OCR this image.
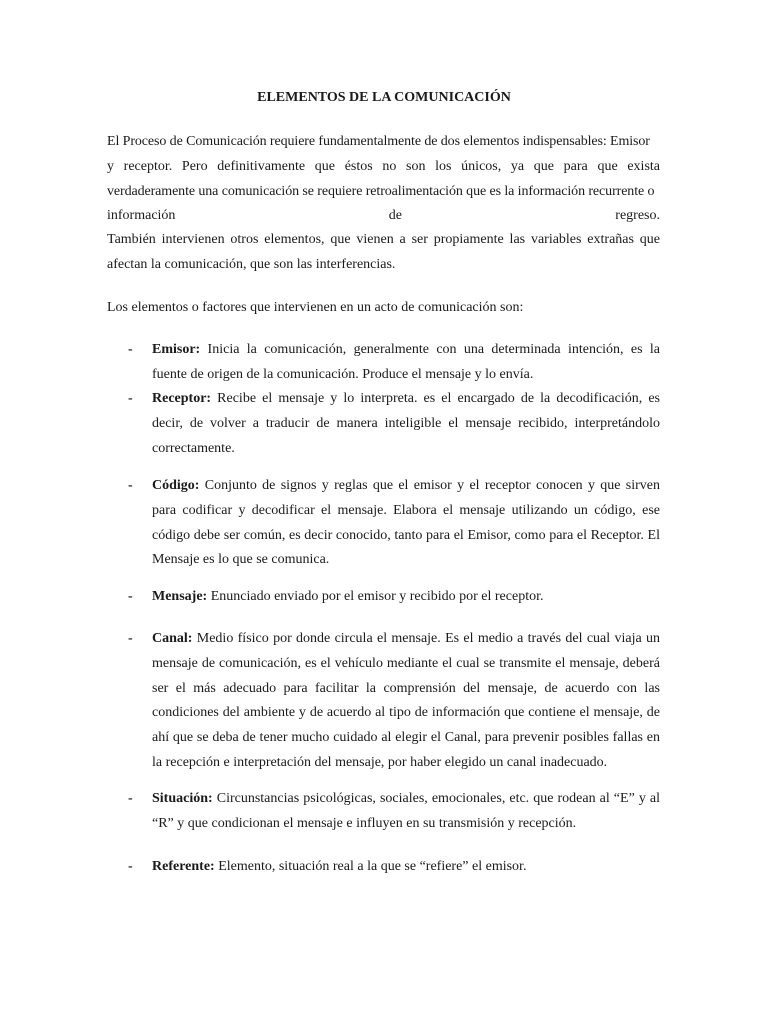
ELEMENTOS DE LA COMUNICACIÓN
El Proceso de Comunicación requiere fundamentalmente de dos elementos indispensables: Emisor
y receptor. Pero definitivamente que éstos no son los únicos, ya que para que exista
verdaderamente una comunicación se requiere retroalimentación que es la información recurrente o
información	de	regreso.
También intervienen otros elementos, que vienen a ser propiamente las variables extrañas que afectan la comunicación, que son las interferencias.
Los elementos o factores que intervienen en un acto de comunicación son:
- Emisor: Inicia la comunicación, generalmente con una determinada intención, es la fuente de origen de la comunicación. Produce el mensaje y lo envía.
- Receptor: Recibe el mensaje y lo interpreta. es el encargado de la decodificación, es decir, de volver a traducir de manera inteligible el mensaje recibido, interpretándolo correctamente.
- Código: Conjunto de signos y reglas que el emisor y el receptor conocen y que sirven para codificar y decodificar el mensaje. Elabora el mensaje utilizando un código, ese código debe ser común, es decir conocido, tanto para el Emisor, como para el Receptor. El Mensaje es lo que se comunica.
- Mensaje: Enunciado enviado por el emisor y recibido por el receptor.
- Canal: Medio físico por donde circula el mensaje. Es el medio a través del cual viaja un mensaje de comunicación, es el vehículo mediante el cual se transmite el mensaje, deberá ser el más adecuado para facilitar la comprensión del mensaje, de acuerdo con las condiciones del ambiente y de acuerdo al tipo de información que contiene el mensaje, de ahí que se deba de tener mucho cuidado al elegir el Canal, para prevenir posibles fallas en la recepción e interpretación del mensaje, por haber elegido un canal inadecuado.
- Situación: Circunstancias psicológicas, sociales, emocionales, etc. que rodean al “E” y al “R” y que condicionan el mensaje e influyen en su transmisión y recepción.
- Referente: Elemento, situación real a la que se “refiere” el emisor.
